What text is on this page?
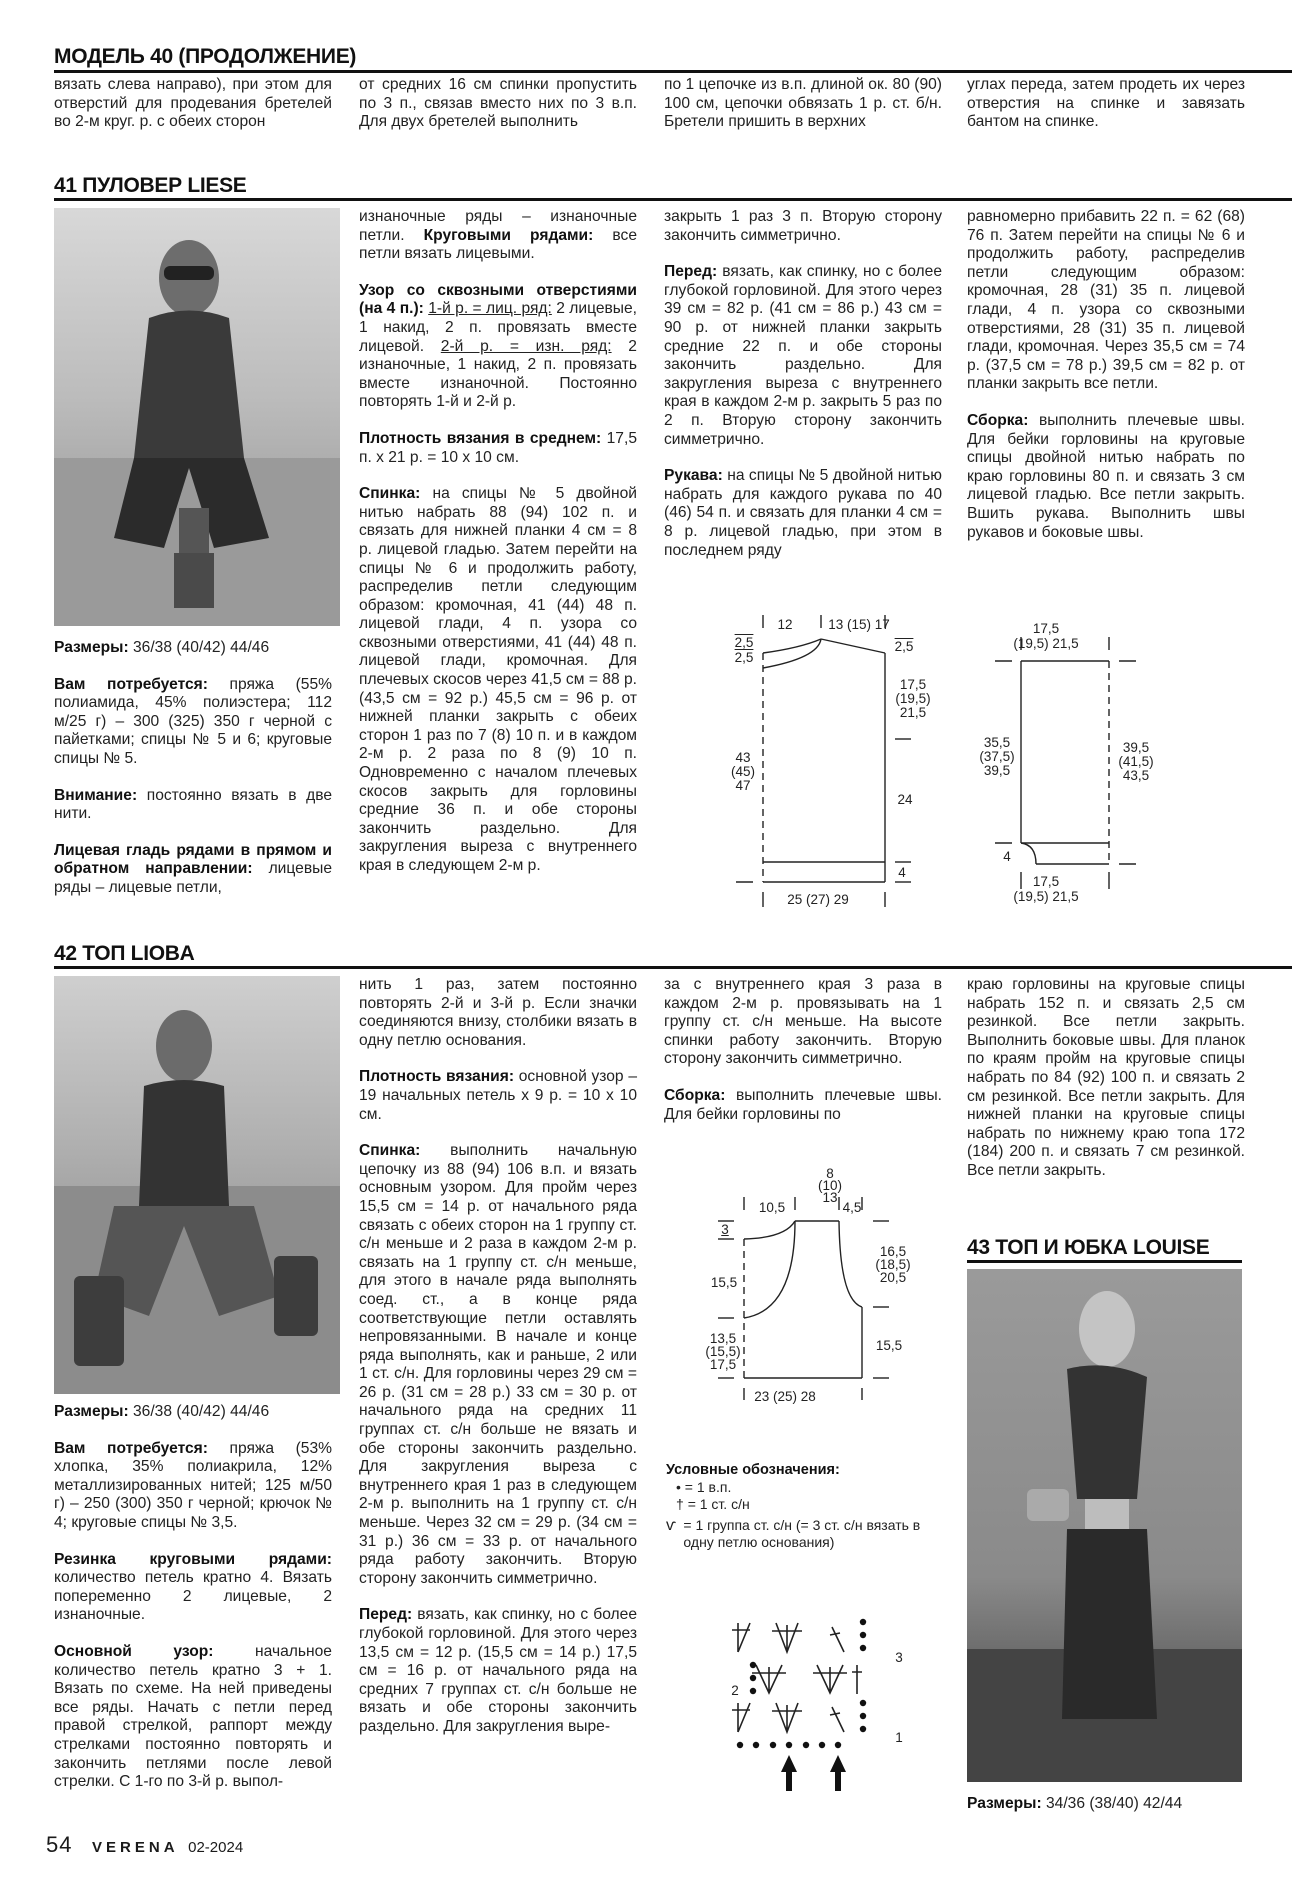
МОДЕЛЬ 40 (ПРОДОЛЖЕНИЕ)
вязать слева направо), при этом для отверстий для продевания бретелей во 2-м круг. р. с обеих сторон
от средних 16 см спинки пропустить по 3 п., связав вместо них по 3 в.п. Для двух бретелей выполнить
по 1 цепочке из в.п. длиной ок. 80 (90) 100 см, цепочки обвязать 1 р. ст. б/н. Бретели пришить в верхних
углах переда, затем продеть их через отверстия на спинке и завязать бантом на спинке.
41 ПУЛОВЕР LIESE

Размеры: 36/38 (40/42) 44/46

Вам потребуется: пряжа (55% полиамида, 45% полиэстера; 112 м/25 г) – 300 (325) 350 г черной с пайетками; спицы № 5 и 6; круговые спицы № 5.

Внимание: постоянно вязать в две нити.

Лицевая гладь рядами в прямом и обратном направлении: лицевые ряды – лицевые петли,

изнаночные ряды – изнаночные петли. Круговыми рядами: все петли вязать лицевыми.

Узор со сквозными отверстиями (на 4 п.): 1-й р. = лиц. ряд: 2 лицевые, 1 накид, 2 п. провязать вместе лицевой. 2-й р. = изн. ряд: 2 изнаночные, 1 накид, 2 п. провязать вместе изнаночной. Постоянно повторять 1-й и 2-й р.

Плотность вязания в среднем: 17,5 п. х 21 р. = 10 х 10 см.

Спинка: на спицы № 5 двойной нитью набрать 88 (94) 102 п. и связать для нижней планки 4 см = 8 р. лицевой гладью. Затем перейти на спицы № 6 и продолжить работу, распределив петли следующим образом: кромочная, 41 (44) 48 п. лицевой глади, 4 п. узора со сквозными отверстиями, 41 (44) 48 п. лицевой глади, кромочная. Для плечевых скосов через 41,5 см = 88 р. (43,5 см = 92 р.) 45,5 см = 96 р. от нижней планки закрыть с обеих сторон 1 раз по 7 (8) 10 п. и в каждом 2-м р. 2 раза по 8 (9) 10 п. Одновременно с началом плечевых скосов закрыть для горловины средние 36 п. и обе стороны закончить раздельно. Для закругления выреза с внутреннего края в следующем 2-м р.

закрыть 1 раз 3 п. Вторую сторону закончить симметрично.

Перед: вязать, как спинку, но с более глубокой горловиной. Для этого через 39 см = 82 р. (41 см = 86 р.) 43 см = 90 р. от нижней планки закрыть средние 22 п. и обе стороны закончить раздельно. Для закругления выреза с внутреннего края в каждом 2-м р. закрыть 5 раз по 2 п. Вторую сторону закончить симметрично.

Рукава: на спицы № 5 двойной нитью набрать для каждого рукава по 40 (46) 54 п. и связать для планки 4 см = 8 р. лицевой гладью, при этом в последнем ряду

равномерно прибавить 22 п. = 62 (68) 76 п. Затем перейти на спицы № 6 и продолжить работу, распределив петли следующим образом: кромочная, 28 (31) 35 п. лицевой глади, 4 п. узора со сквозными отверстиями, 28 (31) 35 п. лицевой глади, кромочная. Через 35,5 см = 74 р. (37,5 см = 78 р.) 39,5 см = 82 р. от планки закрыть все петли.

Сборка: выполнить плечевые швы. Для бейки горловины на круговые спицы двойной нитью набрать по краю горловины 80 п. и связать 3 см лицевой гладью. Все петли закрыть. Вшить рукава. Выполнить швы рукавов и боковые швы.

12	13 (15) 17
2,5
2,5
2,5
17,5
(19,5)
21,5
43
(45)
47
24
4
25 (27) 29
17,5
(19,5) 21,5
35,5
(37,5)
39,5
39,5
(41,5)
43,5
4
17,5
(19,5) 21,5
42 ТОП LIOBA

Размеры: 36/38 (40/42) 44/46

Вам потребуется: пряжа (53% хлопка, 35% полиакрила, 12% металлизированных нитей; 125 м/50 г) – 250 (300) 350 г черной; крючок № 4; круговые спицы № 3,5.

Резинка круговыми рядами: количество петель кратно 4. Вязать попеременно 2 лицевые, 2 изнаночные.

Основной узор: начальное количество петель кратно 3 + 1. Вязать по схеме. На ней приведены все ряды. Начать с петли перед правой стрелкой, раппорт между стрелками постоянно повторять и закончить петлями после левой стрелки. С 1-го по 3-й р. выпол-

нить 1 раз, затем постоянно повторять 2-й и 3-й р. Если значки соединяются внизу, столбики вязать в одну петлю основания.

Плотность вязания: основной узор – 19 начальных петель х 9 р. = 10 х 10 см.

Спинка: выполнить начальную цепочку из 88 (94) 106 в.п. и вязать основным узором. Для пройм через 15,5 см = 14 р. от начального ряда связать с обеих сторон на 1 группу ст. с/н меньше и 2 раза в каждом 2-м р. связать на 1 группу ст. с/н меньше, для этого в начале ряда выполнять соед. ст., а в конце ряда соответствующие петли оставлять непровязанными. В начале и конце ряда выполнять, как и раньше, 2 или 1 ст. с/н. Для горловины через 29 см = 26 р. (31 см = 28 р.) 33 см = 30 р. от начального ряда на средних 11 группах ст. с/н больше не вязать и обе стороны закончить раздельно. Для закругления выреза с внутреннего края 1 раз в следующем 2-м р. выполнить на 1 группу ст. с/н меньше. Через 32 см = 29 р. (34 см = 31 р.) 36 см = 33 р. от начального ряда работу закончить. Вторую сторону закончить симметрично.

Перед: вязать, как спинку, но с более глубокой горловиной. Для этого через 13,5 см = 12 р. (15,5 см = 14 р.) 17,5 см = 16 р. от начального ряда на средних 7 группах ст. с/н больше не вязать и обе стороны закончить раздельно. Для закругления выре-

за с внутреннего края 3 раза в каждом 2-м р. провязывать на 1 группу ст. с/н меньше. На высоте спинки работу закончить. Вторую сторону закончить симметрично.

Сборка: выполнить плечевые швы. Для бейки горловины по

краю горловины на круговые спицы набрать 152 п. и связать 2,5 см резинкой. Все петли закрыть. Выполнить боковые швы. Для планок по краям пройм на круговые спицы набрать по 84 (92) 100 п. и связать 2 см резинкой. Все петли закрыть. Для нижней планки на круговые спицы набрать по нижнему краю топа 172 (184) 200 п. и связать 7 см резинкой. Все петли закрыть.

8
(10)
13
10,5	4,5
3
15,5
16,5
(18,5)
20,5
13,5
(15,5)
17,5
15,5
23 (25) 28
Условные обозначения:
• = 1 в.п.
† = 1 ст. с/н
ѵ = 1 группа ст. с/н (= 3 ст. с/н вязать в одну петлю основания)
3
2
1
43 ТОП И ЮБКА LOUISE

Размеры: 34/36 (38/40) 42/44

54 VERENA 02-2024
